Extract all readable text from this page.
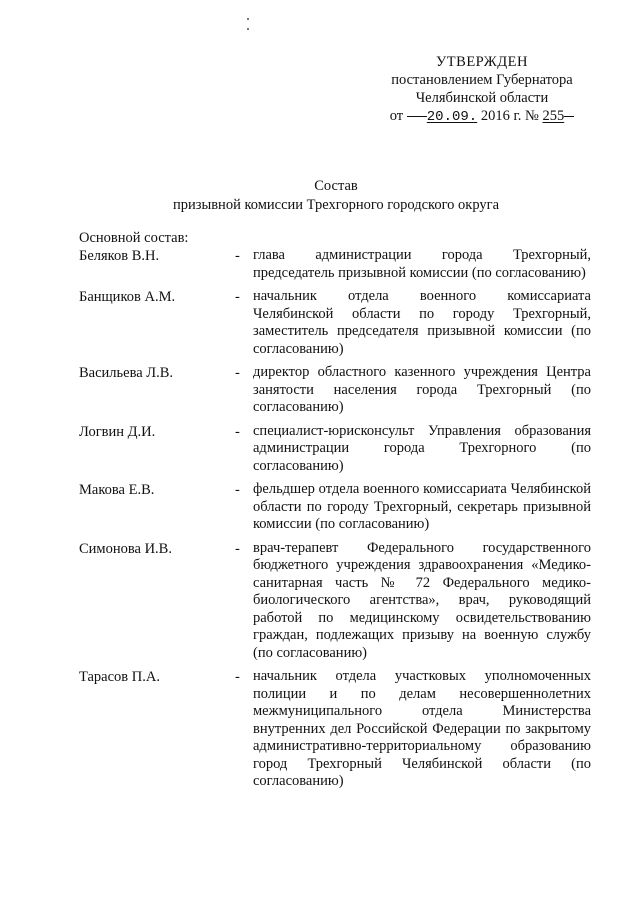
УТВЕРЖДЕН
постановлением Губернатора
Челябинской области
от 20.09. 2016 г. № 255
Состав
призывной комиссии Трехгорного городского округа
Основной состав:
Беляков В.Н.	- глава администрации города Трехгорный, председатель призывной комиссии (по согласованию)
Банщиков А.М.	- начальник отдела военного комиссариата Челябинской области по городу Трехгорный, заместитель председателя призывной комиссии (по согласованию)
Васильева Л.В.	- директор областного казенного учреждения Центра занятости населения города Трехгорный (по согласованию)
Логвин Д.И.	- специалист-юрисконсульт Управления образования администрации города Трехгорного (по согласованию)
Макова Е.В.	- фельдшер отдела военного комиссариата Челябинской области по городу Трехгорный, секретарь призывной комиссии (по согласованию)
Симонова И.В.	- врач-терапевт Федерального государственного бюджетного учреждения здравоохранения «Медико-санитарная часть № 72 Федерального медико-биологического агентства», врач, руководящий работой по медицинскому освидетельствованию граждан, подлежащих призыву на военную службу (по согласованию)
Тарасов П.А.	- начальник отдела участковых уполномоченных полиции и по делам несовершеннолетних межмуниципального отдела Министерства внутренних дел Российской Федерации по закрытому административно-территориальному образованию город Трехгорный Челябинской области (по согласованию)
